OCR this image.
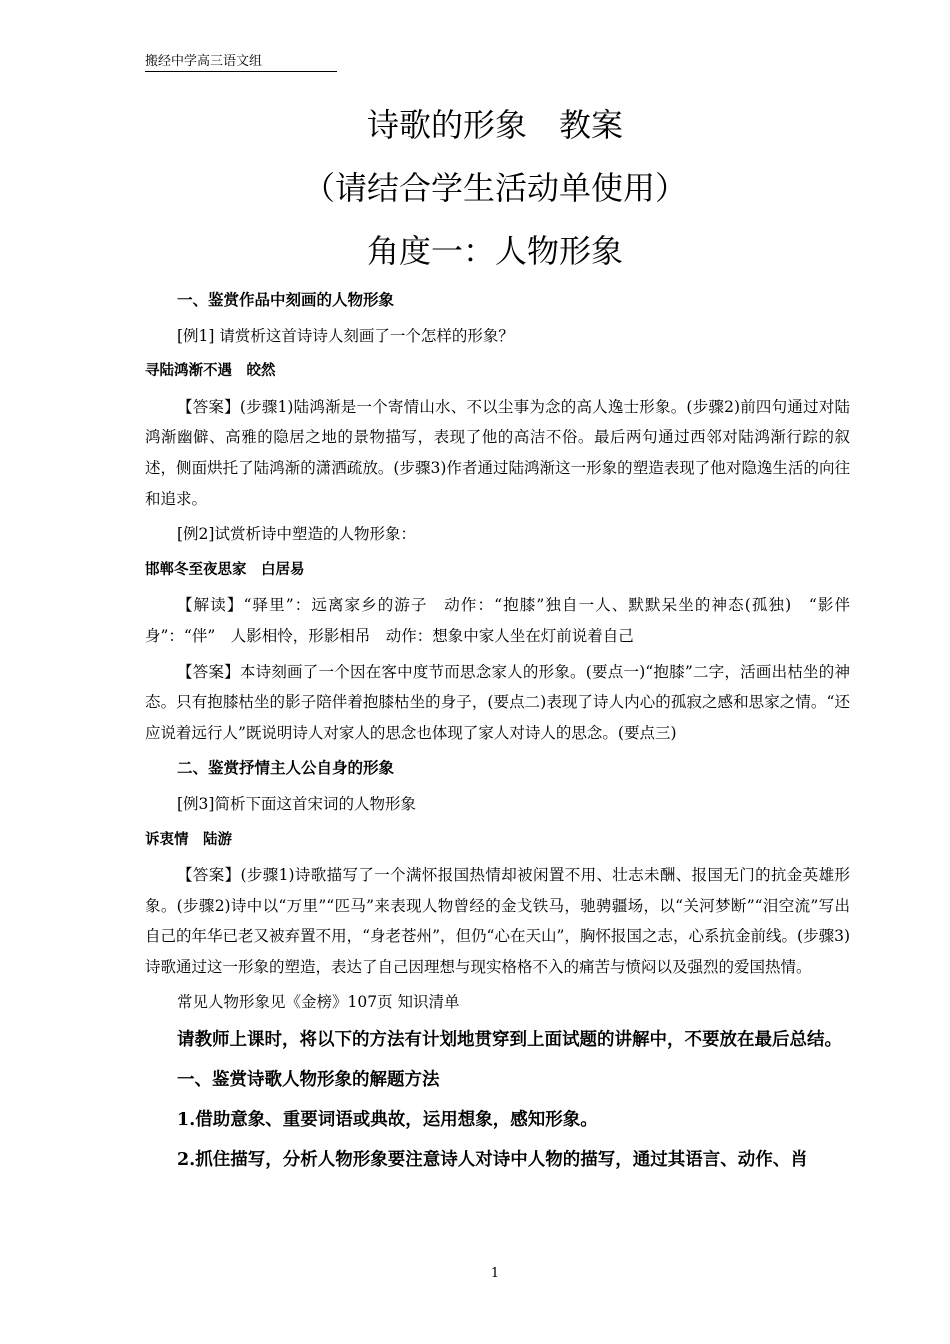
搬经中学高三语文组
诗歌的形象　教案
（请结合学生活动单使用）
角度一：人物形象

一、鉴赏作品中刻画的人物形象

[例1] 请赏析这首诗诗人刻画了一个怎样的形象？

寻陆鸿渐不遇　皎然

【答案】(步骤1)陆鸿渐是一个寄情山水、不以尘事为念的高人逸士形象。(步骤2)前四句通过对陆鸿渐幽僻、高雅的隐居之地的景物描写，表现了他的高洁不俗。最后两句通过西邻对陆鸿渐行踪的叙述，侧面烘托了陆鸿渐的潇洒疏放。(步骤3)作者通过陆鸿渐这一形象的塑造表现了他对隐逸生活的向往和追求。

[例2]试赏析诗中塑造的人物形象：

邯郸冬至夜思家　白居易

【解读】“驿里”：远离家乡的游子　动作：“抱膝”独自一人、默默呆坐的神态(孤独)　“影伴身”：“伴”　人影相怜，形影相吊　动作：想象中家人坐在灯前说着自己

【答案】本诗刻画了一个因在客中度节而思念家人的形象。(要点一)“抱膝”二字，活画出枯坐的神态。只有抱膝枯坐的影子陪伴着抱膝枯坐的身子，(要点二)表现了诗人内心的孤寂之感和思家之情。“还应说着远行人”既说明诗人对家人的思念也体现了家人对诗人的思念。(要点三)

二、鉴赏抒情主人公自身的形象

[例3]简析下面这首宋词的人物形象

诉衷情　陆游

【答案】(步骤1)诗歌描写了一个满怀报国热情却被闲置不用、壮志未酬、报国无门的抗金英雄形象。(步骤2)诗中以“万里”“匹马”来表现人物曾经的金戈铁马，驰骋疆场，以“关河梦断”“泪空流”写出自己的年华已老又被弃置不用，“身老苍州”，但仍“心在天山”，胸怀报国之志，心系抗金前线。(步骤3)诗歌通过这一形象的塑造，表达了自己因理想与现实格格不入的痛苦与愤闷以及强烈的爱国热情。

常见人物形象见《金榜》107页 知识清单

请教师上课时，将以下的方法有计划地贯穿到上面试题的讲解中，不要放在最后总结。

一、鉴赏诗歌人物形象的解题方法

1.借助意象、重要词语或典故，运用想象，感知形象。

2.抓住描写，分析人物形象要注意诗人对诗中人物的描写，通过其语言、动作、肖

1
